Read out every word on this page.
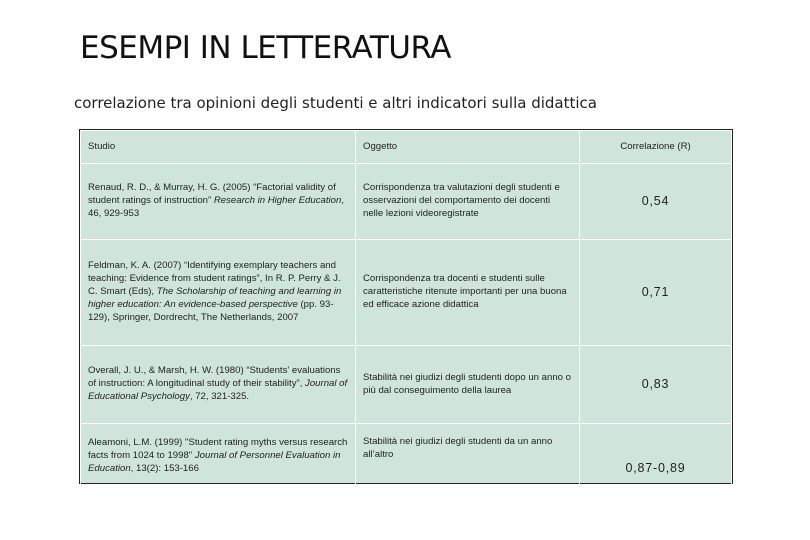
ESEMPI IN LETTERATURA

correlazione tra opinioni degli studenti e altri indicatori sulla didattica

Studio	Oggetto	Correlazione (R)
Renaud, R. D., & Murray, H. G. (2005) “Factorial validity of student ratings of instruction” Research in Higher Education, 46, 929-953	Corrispondenza tra valutazioni degli studenti e osservazioni del comportamento dei docenti nelle lezioni videoregistrate	0,54
Feldman, K. A. (2007) “Identifying exemplary teachers and teaching: Evidence from student ratings”, In R. P. Perry & J. C. Smart (Eds), The Scholarship of teaching and learning in higher education: An evidence-based perspective (pp. 93-129), Springer, Dordrecht, The Netherlands, 2007	Corrispondenza tra docenti e studenti sulle caratteristiche ritenute importanti per una buona ed efficace azione didattica	0,71
Overall, J. U., & Marsh, H. W. (1980) “Students' evaluations of instruction: A longitudinal study of their stability”, Journal of Educational Psychology, 72, 321-325.	Stabilità nei giudizi degli studenti dopo un anno o più dal conseguimento della laurea	0,83
Aleamoni, L.M. (1999) "Student rating myths versus research facts from 1024 to 1998" Journal of Personnel Evaluation in Education, 13(2): 153-166	Stabilità nei giudizi degli studenti da un anno all’altro	0,87-0,89
